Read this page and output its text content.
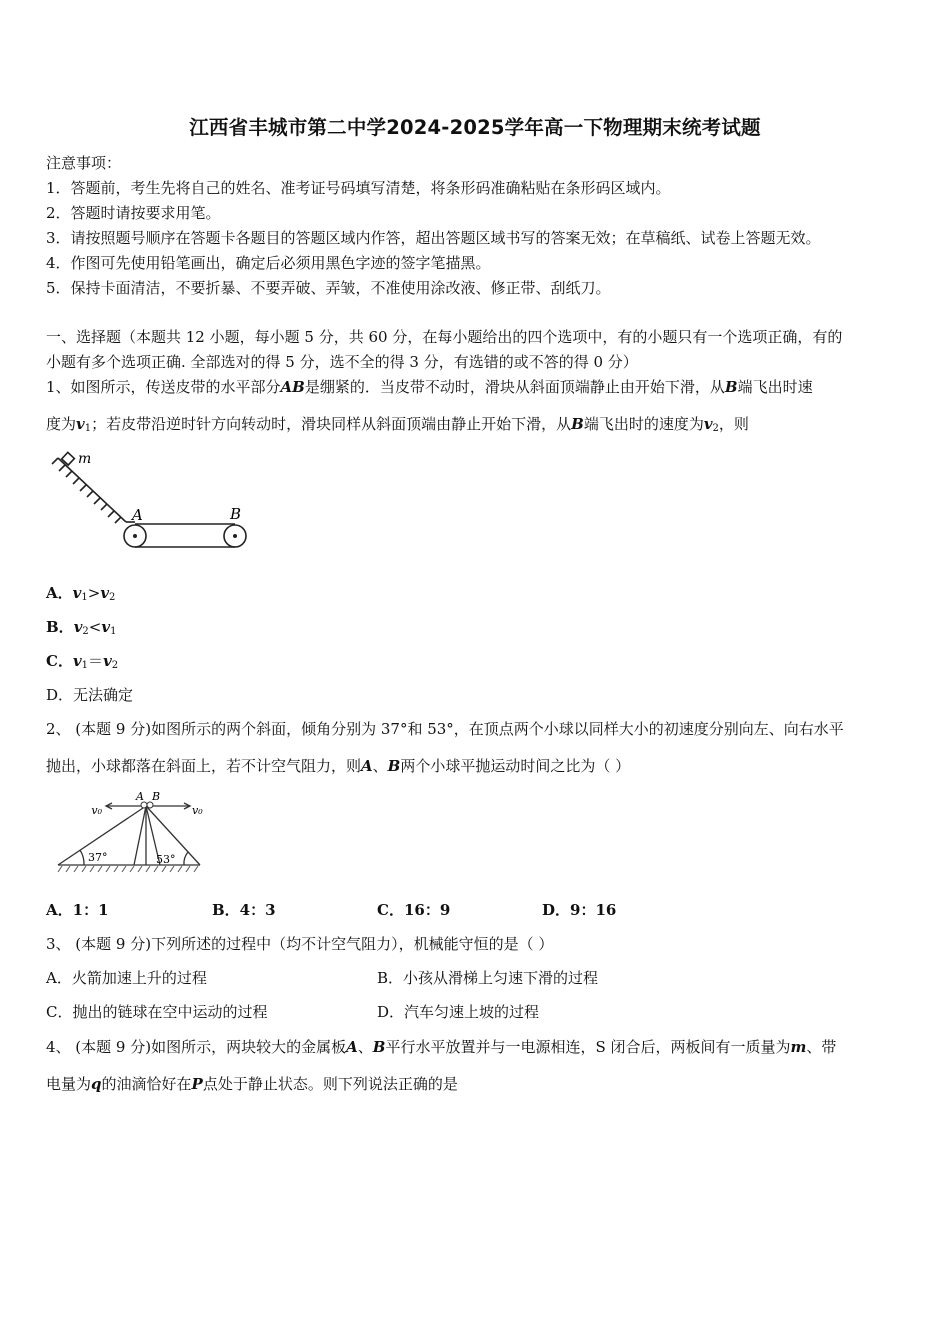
江西省丰城市第二中学2024-2025学年高一下物理期末统考试题
注意事项：
1．答题前，考生先将自己的姓名、准考证号码填写清楚，将条形码准确粘贴在条形码区域内。
2．答题时请按要求用笔。
3．请按照题号顺序在答题卡各题目的答题区域内作答，超出答题区域书写的答案无效；在草稿纸、试卷上答题无效。
4．作图可先使用铅笔画出，确定后必须用黑色字迹的签字笔描黑。
5．保持卡面清洁，不要折暴、不要弄破、弄皱，不准使用涂改液、修正带、刮纸刀。
一、选择题（本题共 12 小题，每小题 5 分，共 60 分，在每小题给出的四个选项中，有的小题只有一个选项正确，有的
小题有多个选项正确. 全部选对的得 5 分，选不全的得 3 分，有选错的或不答的得 0 分）
1、如图所示，传送皮带的水平部分AB是绷紧的．当皮带不动时，滑块从斜面顶端静止由开始下滑，从B端飞出时速
度为$v_1$；若皮带沿逆时针方向转动时，滑块同样从斜面顶端由静止开始下滑，从B端飞出时的速度为$v_2$，则
m
A	B
A．$v_1>v_2$
B．$v_2<v_1$
C．$v_1=v_2$
D．无法确定
2、 (本题 9 分)如图所示的两个斜面，倾角分别为 37°和 53°，在顶点两个小球以同样大小的初速度分别向左、向右水平
抛出，小球都落在斜面上，若不计空气阻力，则A、B两个小球平抛运动时间之比为（ ）
v₀	v₀
A B
37°	53°
A．1：1	B．4：3	C．16：9	D．9：16
3、 (本题 9 分)下列所述的过程中（均不计空气阻力），机械能守恒的是（ ）
A．火箭加速上升的过程	B．小孩从滑梯上匀速下滑的过程
C．抛出的链球在空中运动的过程	D．汽车匀速上坡的过程
4、 (本题 9 分)如图所示，两块较大的金属板A、B平行水平放置并与一电源相连，S 闭合后，两板间有一质量为m、带
电量为q的油滴恰好在P点处于静止状态。则下列说法正确的是
